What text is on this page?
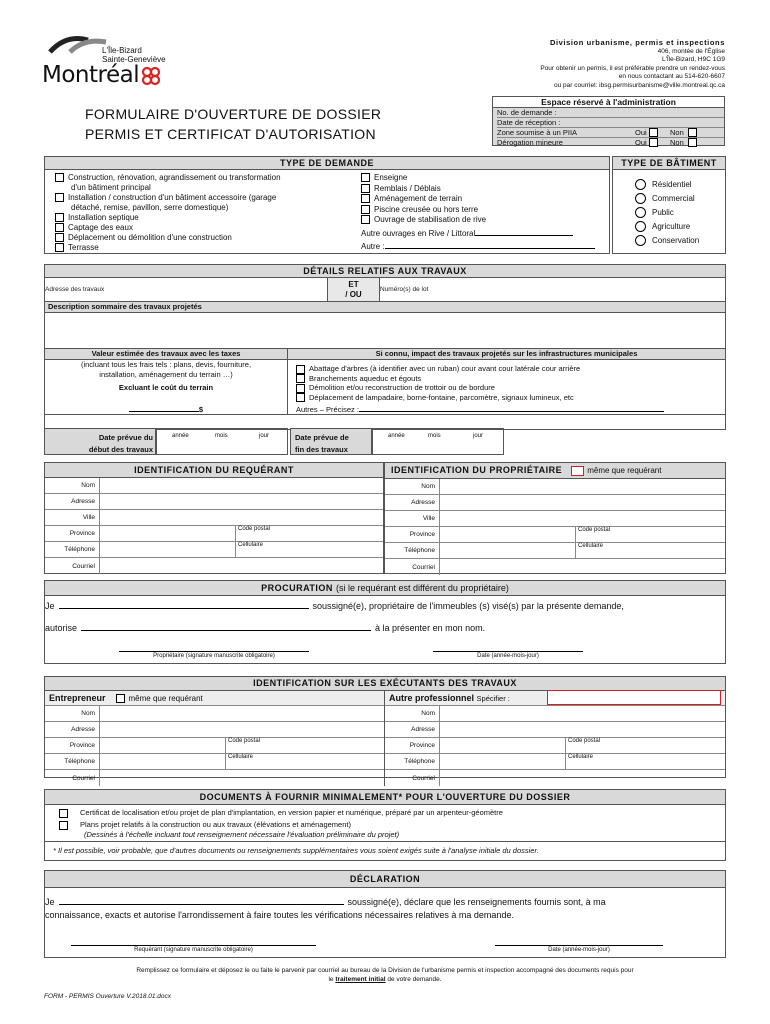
L'Île-Bizard
Sainte-Geneviève
Montréal
Division urbanisme, permis et inspections
406, montée de l'Église
L'Île-Bizard, H9C 1G9
Pour obtenir un permis, il est préférable prendre un rendez-vous
en nous contactant au 514-620-6607
ou par courriel: ibsg.permisurbanisme@ville.montreal.qc.ca
FORMULAIRE D'OUVERTURE DE DOSSIER
PERMIS ET CERTIFICAT D'AUTORISATION
Espace réservé à l'administration
No. de demande :
Date de réception :
Zone soumise à un PIIA	Oui	Non
Dérogation mineure	Oui	Non
TYPE DE DEMANDE
Construction, rénovation, agrandissement ou transformation
d'un bâtiment principal
Installation / construction d'un bâtiment accessoire (garage
détaché, remise, pavillon, serre domestique)
Installation septique
Captage des eaux
Déplacement ou démolition d'une construction
Terrasse
Enseigne
Remblais / Déblais
Aménagement de terrain
Piscine creusée ou hors terre
Ouvrage de stabilisation de rive
Autre ouvrages en Rive / Littoral
Autre :
TYPE DE BÂTIMENT
Résidentiel
Commercial
Public
Agriculture
Conservation
DÉTAILS RELATIFS AUX TRAVAUX
Adresse des travaux
ET
/ OU
Numéro(s) de lot
Description sommaire des travaux projetés
Valeur estimée des travaux avec les taxes
(incluant tous les frais tels : plans, devis, fourniture,
installation, aménagement du terrain …)
Excluant le coût du terrain
$
Si connu, impact des travaux projetés sur les infrastructures municipales
Abattage d'arbres (à identifier avec un ruban) cour avant cour latérale cour arrière
Branchements aqueduc et égouts
Démolition et/ou reconstruction de trottoir ou de bordure
Déplacement de lampadaire, borne-fontaine, parcomètre, signaux lumineux, etc
Autres – Précisez :
Date prévue du
début des travaux
année	mois	jour	Date prévue de
fin des travaux
année	mois	jour
IDENTIFICATION DU REQUÉRANT
Nom
Adresse
Ville
Province
Code postal
Téléphone
Cellulaire
Courriel
IDENTIFICATION DU PROPRIÉTAIRE	même que requérant
Nom
Adresse
Ville
Province
Code postal
Téléphone
Cellulaire
Courriel
PROCURATION (si le requérant est différent du propriétaire)
Je	soussigné(e), propriétaire de l'immeubles (s) visé(s) par la présente demande,
autorise	à la présenter en mon nom.
Propriétaire (signature manuscrite obligatoire)	Date (année-mois-jour)
IDENTIFICATION SUR LES EXÉCUTANTS DES TRAVAUX
Entrepreneur	même que requérant
Nom
Adresse
Province
Code postal
Téléphone
Cellulaire
Courriel
Autre professionnel Spécifier :
Nom
Adresse
Province
Code postal
Téléphone
Cellulaire
Courriel
DOCUMENTS À FOURNIR MINIMALEMENT* POUR L'OUVERTURE DU DOSSIER
Certificat de localisation et/ou projet de plan d'implantation, en version papier et numérique, préparé par un arpenteur-géomètre
Plans projet relatifs à la construction ou aux travaux (élévations et aménagement)
(Dessinés à l'échelle incluant tout renseignement nécessaire l'évaluation préliminaire du projet)
* Il est possible, voir probable, que d'autres documents ou renseignements supplémentaires vous soient exigés suite à l'analyse initiale du dossier.
DÉCLARATION
Je	soussigné(e), déclare que les renseignements fournis sont, à ma
connaissance, exacts et autorise l'arrondissement à faire toutes les vérifications nécessaires relatives à ma demande.
Requérant (signature manuscrite obligatoire)	Date (année-mois-jour)
Remplissez ce formulaire et déposez le ou faite le parvenir par courriel au bureau de la Division de l'urbanisme permis et inspection accompagné des documents requis pour
le traitement initial de votre demande.
FORM - PERMIS Ouverture V.2018.01.docx
